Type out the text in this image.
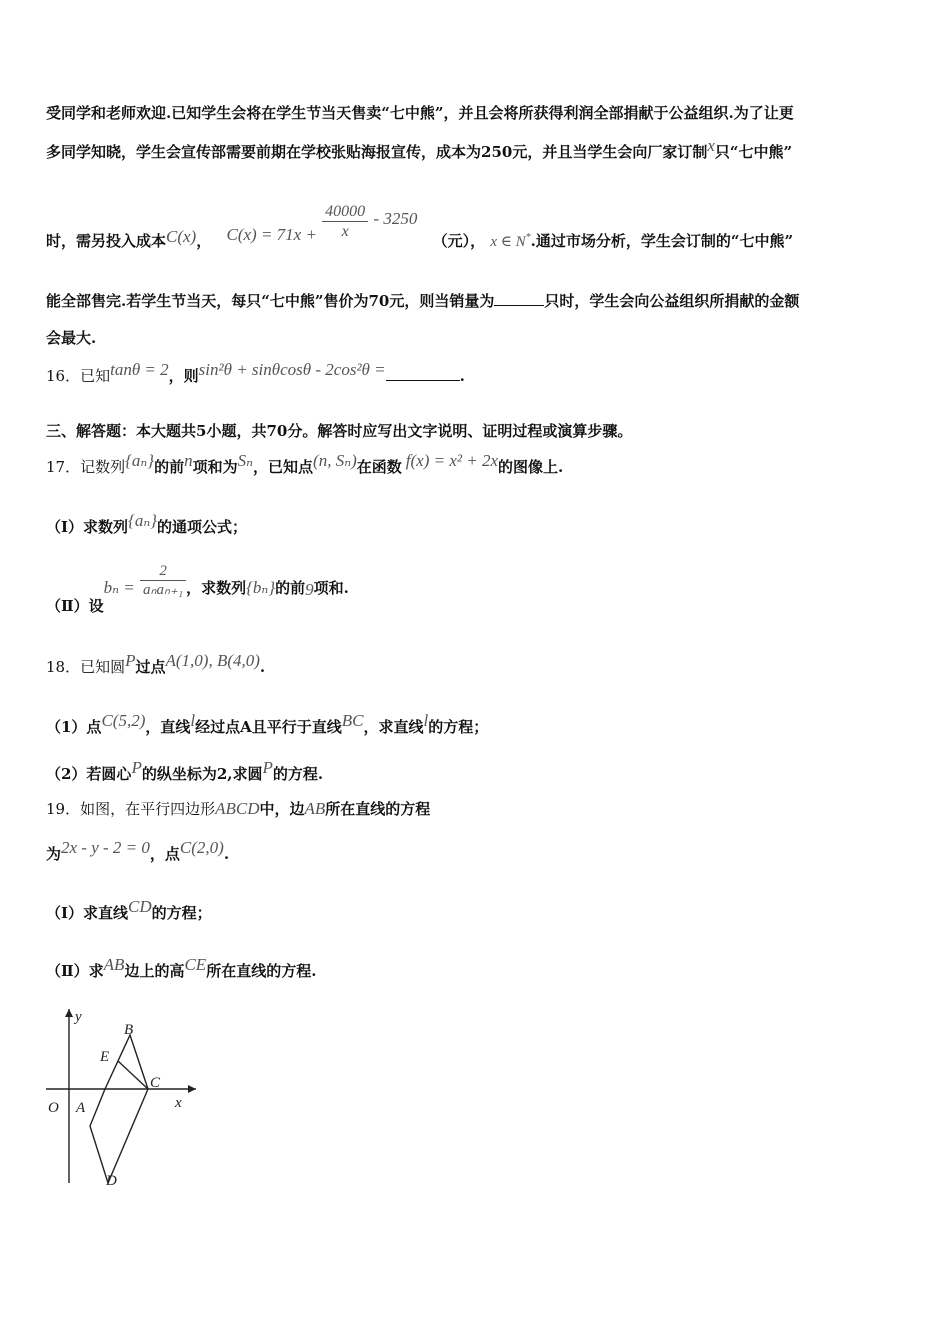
受同学和老师欢迎.已知学生会将在学生节当天售卖“七中熊”，并且会将所获得利润全部捐献于公益组织.为了让更
多同学知晓，学生会宣传部需要前期在学校张贴海报宣传，成本为250元，并且当学生会向厂家订制x只“七中熊”
时，需另投入成本C(x)， $C(x) = 71x + \frac{40000}{x} - 3250$ （元）， x ∈ N*.通过市场分析，学生会订制的“七中熊”
能全部售完.若学生节当天，每只“七中熊”售价为70元，则当销量为	只时，学生会向公益组织所捐献的金额
会最大.
16．已知tanθ = 2，则sin²θ + sinθcosθ - 2cos²θ =	.
三、解答题：本大题共5小题，共70分。解答时应写出文字说明、证明过程或演算步骤。
17．记数列{aₙ}的前n项和为Sₙ，已知点(n, Sₙ)在函数 f(x) = x² + 2x的图像上.
（Ⅰ）求数列{aₙ}的通项公式；
（Ⅱ）设$b_n = \frac{2}{\text{aₙaₙ₊₁}}$ ，求数列{bₙ}的前9项和.
18．已知圆P过点A(1,0), B(4,0).
（1）点C(5,2)，直线l经过点A且平行于直线BC，求直线l的方程；
（2）若圆心P的纵坐标为2,求圆P的方程.
19．如图，在平行四边形ABCD中，边AB所在直线的方程
为2x - y - 2 = 0，点C(2,0).
（Ⅰ）求直线CD的方程；
（Ⅱ）求AB边上的高CE所在直线的方程.
y
x
O A
B
C
D
E
